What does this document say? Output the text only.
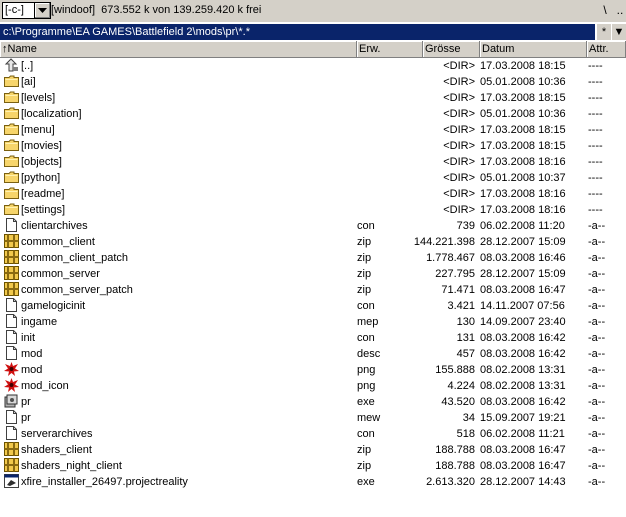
[-c-]	[windoof]  673.552 k von 139.259.420 k frei	\ ..
c:\Programme\EA GAMES\Battlefield 2\mods\pr\*.*	* ▼
↑Name	Erw.	Grösse	Datum	Attr.
[..]	<DIR> 17.03.2008 18:15 ----
[ai]	<DIR> 05.01.2008 10:36 ----
[levels]	<DIR> 17.03.2008 18:15 ----
[localization]	<DIR> 05.01.2008 10:36 ----
[menu]	<DIR> 17.03.2008 18:15 ----
[movies]	<DIR> 17.03.2008 18:15 ----
[objects]	<DIR> 17.03.2008 18:16 ----
[python]	<DIR> 05.01.2008 10:37 ----
[readme]	<DIR> 17.03.2008 18:16 ----
[settings]	<DIR> 17.03.2008 18:16 ----
clientarchives	con	739 06.02.2008 11:20 -a--
common_client	zip	144.221.398 28.12.2007 15:09 -a--
common_client_patch	zip	1.778.467 08.03.2008 16:46 -a--
common_server	zip	227.795 28.12.2007 15:09 -a--
common_server_patch	zip	71.471 08.03.2008 16:47 -a--
gamelogicinit	con	3.421 14.11.2007 07:56 -a--
ingame	mep	130 14.09.2007 23:40 -a--
init	con	131 08.03.2008 16:42 -a--
mod	desc	457 08.03.2008 16:42 -a--
mod	png	155.888 08.02.2008 13:31 -a--
mod_icon	png	4.224 08.02.2008 13:31 -a--
pr	exe	43.520 08.03.2008 16:42 -a--
pr	mew	34 15.09.2007 19:21 -a--
serverarchives	con	518 06.02.2008 11:21 -a--
shaders_client	zip	188.788 08.03.2008 16:47 -a--
shaders_night_client	zip	188.788 08.03.2008 16:47 -a--
xfire_installer_26497.projectreality	exe	2.613.320 28.12.2007 14:43 -a--
